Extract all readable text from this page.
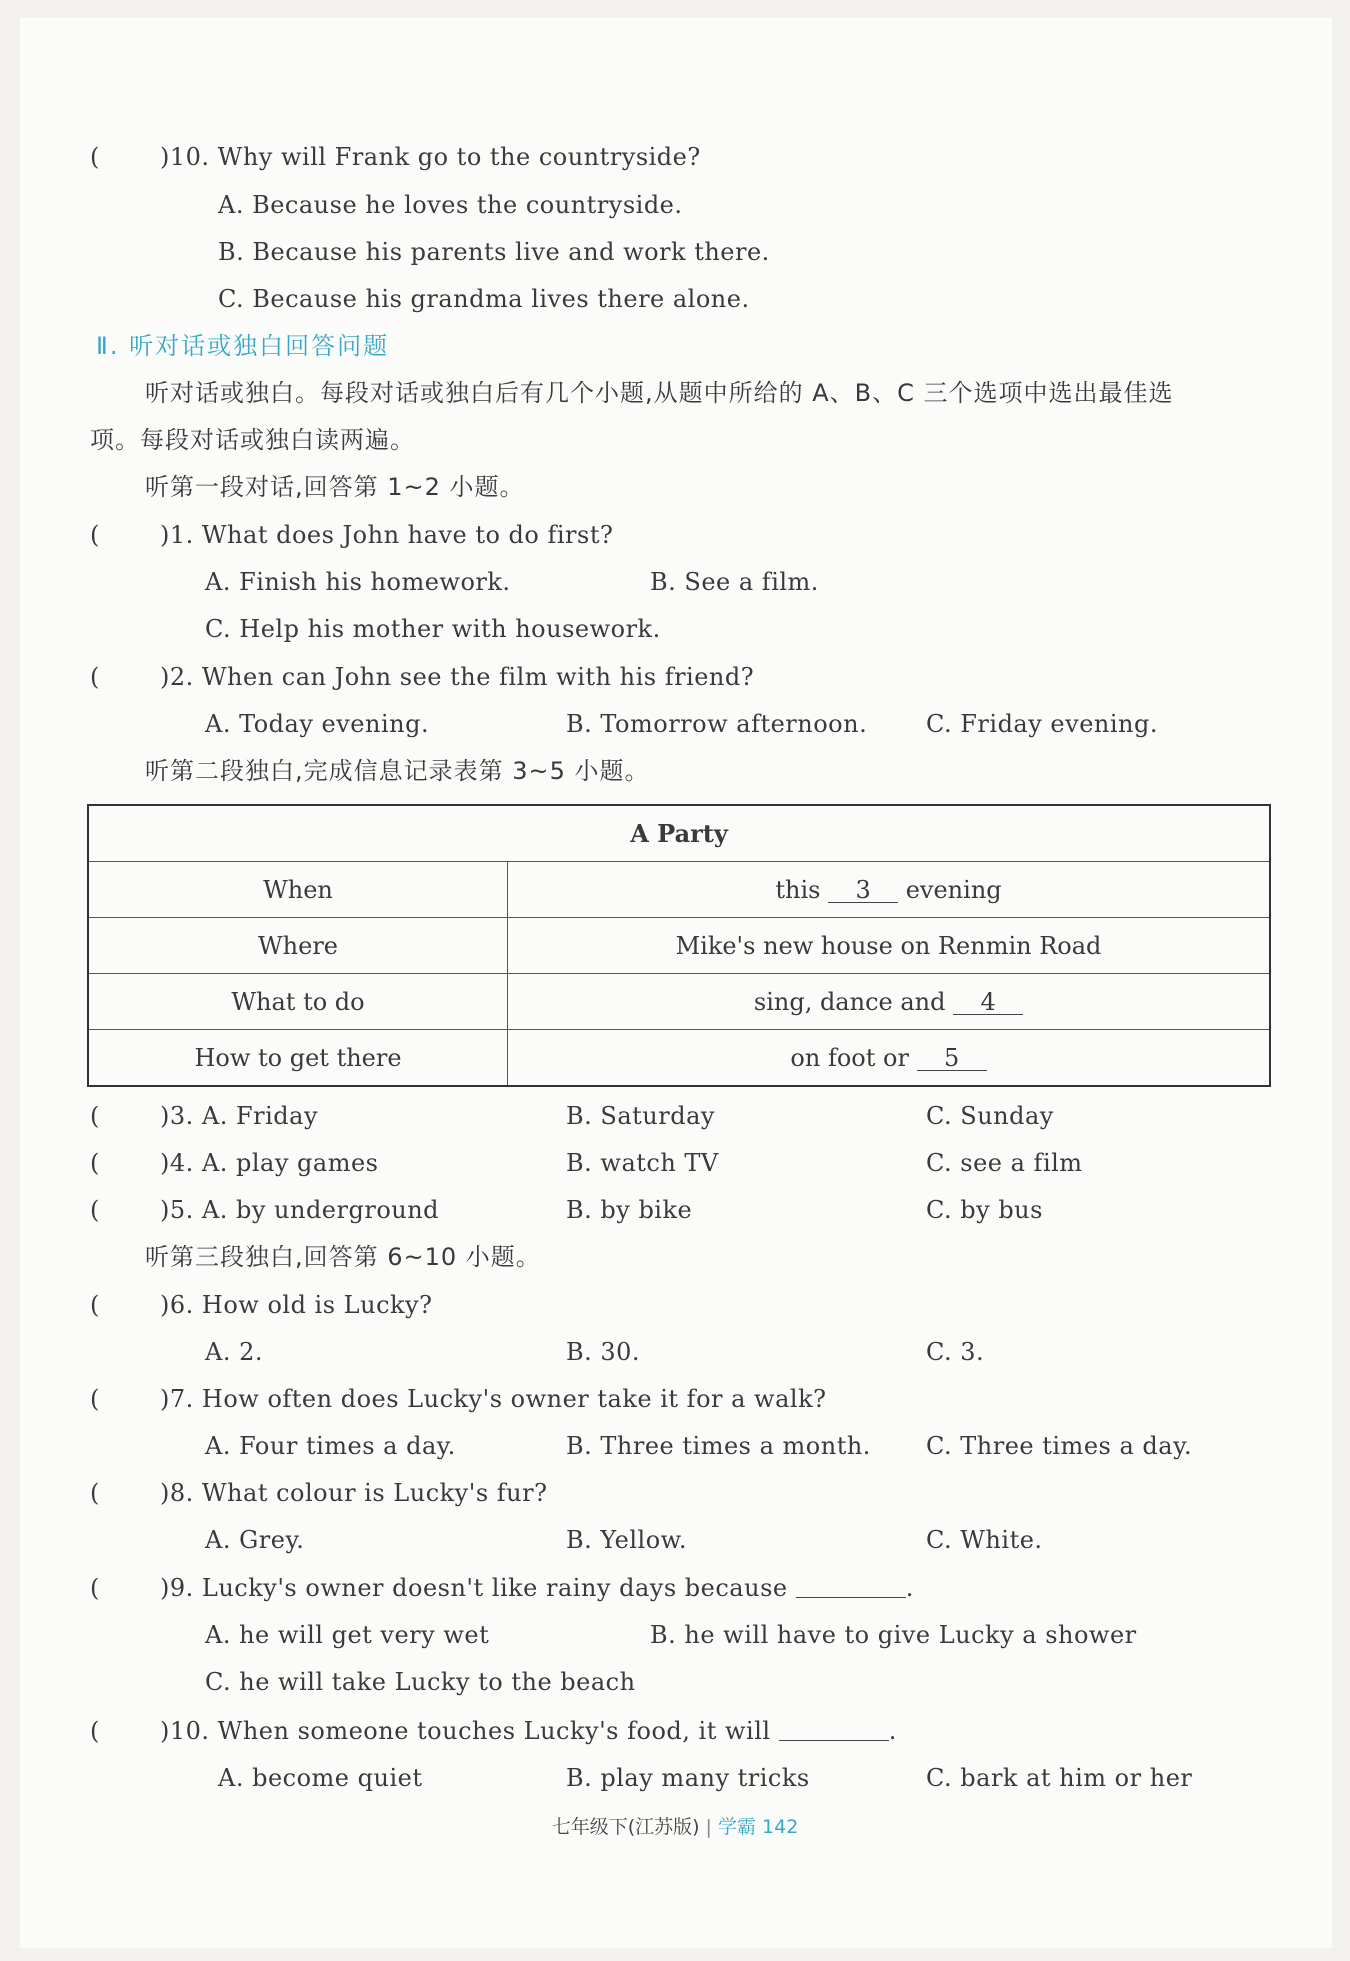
(	)10. Why will Frank go to the countryside?
A. Because he loves the countryside.
B. Because his parents live and work there.
C. Because his grandma lives there alone.
Ⅱ. 听对话或独白回答问题
听对话或独白。每段对话或独白后有几个小题,从题中所给的 A、B、C 三个选项中选出最佳选
项。每段对话或独白读两遍。
听第一段对话,回答第 1~2 小题。
(	)1. What does John have to do first?
A. Finish his homework.	B. See a film.
C. Help his mother with housework.
(	)2. When can John see the film with his friend?
A. Today evening.	B. Tomorrow afternoon. C. Friday evening.
听第二段独白,完成信息记录表第 3~5 小题。
A Party	
When	this 3 evening
Where	Mike's new house on Renmin Road
What to do	sing, dance and 4
How to get there	on foot or 5
(	)3. A. Friday	B. Saturday	C. Sunday
(	)4. A. play games	B. watch TV	C. see a film
(	)5. A. by underground	B. by bike	C. by bus
听第三段独白,回答第 6~10 小题。
(	)6. How old is Lucky?
A. 2.	B. 30.	C. 3.
(	)7. How often does Lucky's owner take it for a walk?
A. Four times a day.	B. Three times a month. C. Three times a day.
(	)8. What colour is Lucky's fur?
A. Grey.	B. Yellow.	C. White.
(	)9. Lucky's owner doesn't like rainy days because	.
A. he will get very wet	B. he will have to give Lucky a shower
C. he will take Lucky to the beach
(	)10. When someone touches Lucky's food, it will	.
A. become quiet	B. play many tricks	C. bark at him or her
七年级下(江苏版) | 学霸 142
